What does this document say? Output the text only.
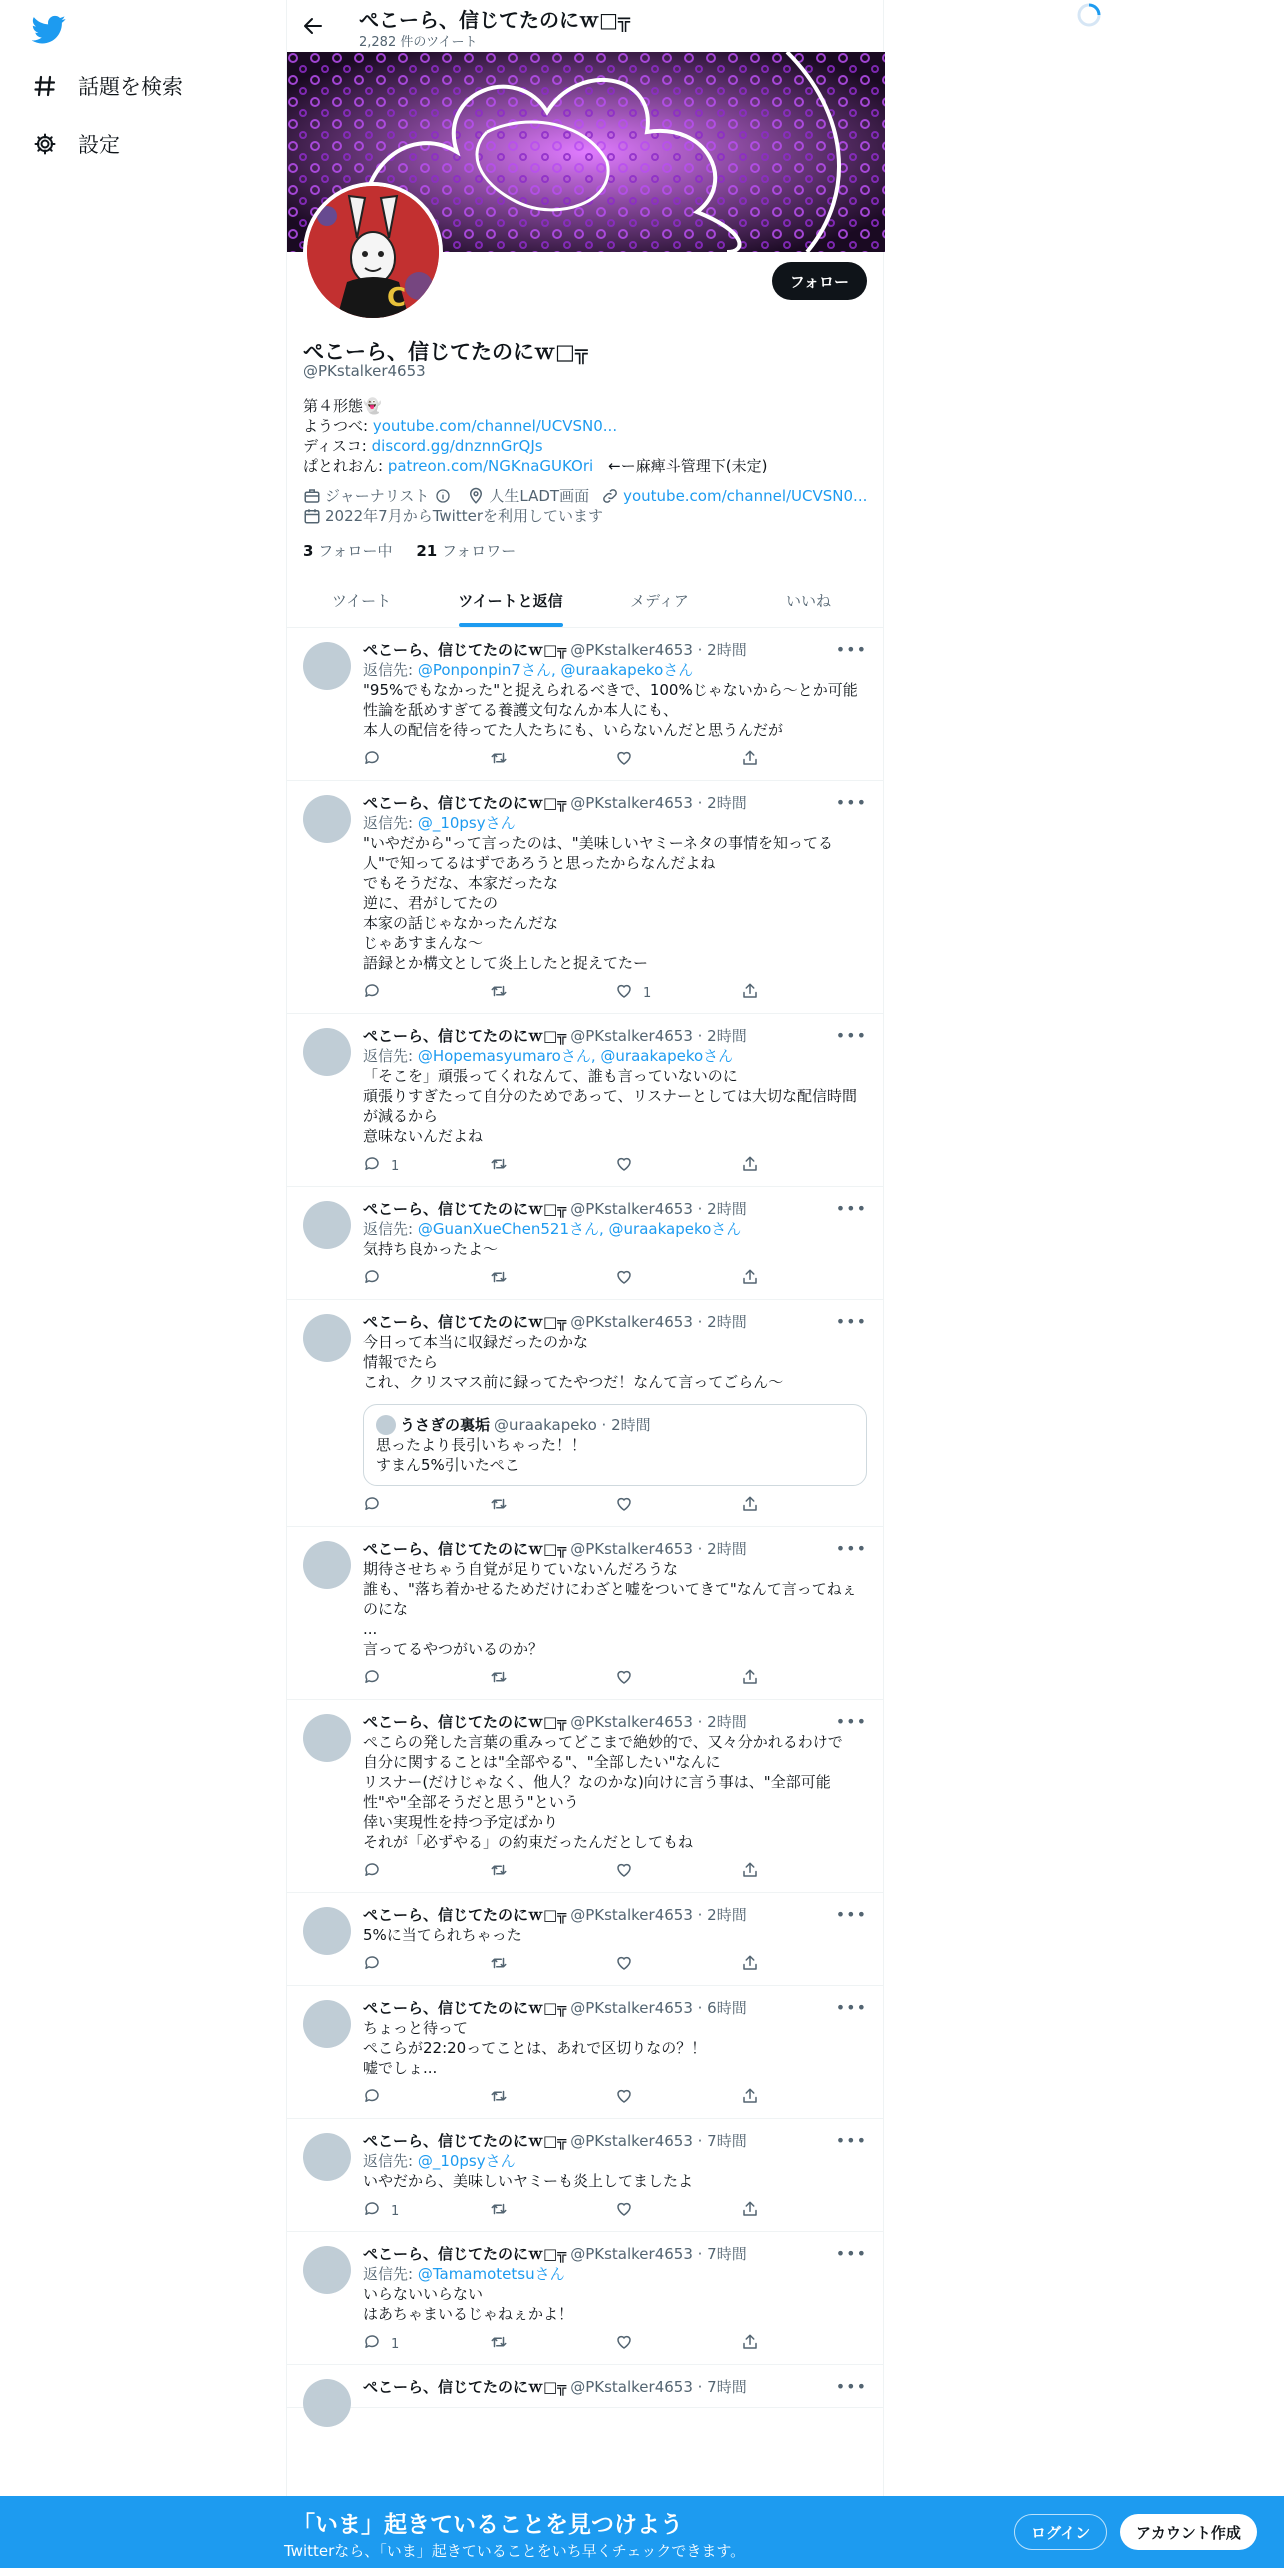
話題を検索
設定
ぺこーら、信じてたのにｗ□╦
2,282 件のツイート
C
フォロー
ぺこーら、信じてたのにｗ□╦
@PKstalker4653
第４形態👻
ようつべ: youtube.com/channel/UCVSN0...
ディスコ: discord.gg/dnznnGrQJs
ぱとれおん: patreon.com/NGKnaGUKOri　←ー麻痺斗管理下(未定)
ジャーナリスト	人生LADT画面 youtube.com/channel/UCVSN0...
2022年7月からTwitterを利用しています
3 フォロー中 21 フォロワー
ツイート	ツイートと返信	メディア	いいね
•••
ぺこーら、信じてたのにｗ□╦ @PKstalker4653 · 2時間
返信先: @Ponponpin7さん, @uraakapekoさん
"95%でもなかった"と捉えられるべきで、100%じゃないから〜とか可能性論を舐めすぎてる養護文句なんか本人にも、
本人の配信を待ってた人たちにも、いらないんだと思うんだが
•••
ぺこーら、信じてたのにｗ□╦ @PKstalker4653 · 2時間
返信先: @_10psyさん
"いやだから"って言ったのは、"美味しいヤミーネタの事情を知ってる人"で知ってるはずであろうと思ったからなんだよね
でもそうだな、本家だったな
逆に、君がしてたの
本家の話じゃなかったんだな
じゃあすまんな〜
語録とか構文として炎上したと捉えてたー
1
•••
ぺこーら、信じてたのにｗ□╦ @PKstalker4653 · 2時間
返信先: @Hopemasyumaroさん, @uraakapekoさん
「そこを」頑張ってくれなんて、誰も言っていないのに
頑張りすぎたって自分のためであって、リスナーとしては大切な配信時間が減るから
意味ないんだよね
1
•••
ぺこーら、信じてたのにｗ□╦ @PKstalker4653 · 2時間
返信先: @GuanXueChen521さん, @uraakapekoさん
気持ち良かったよ〜
•••
ぺこーら、信じてたのにｗ□╦ @PKstalker4653 · 2時間
今日って本当に収録だったのかな
情報でたら
これ、クリスマス前に録ってたやつだ！なんて言ってごらん〜
うさぎの裏垢 @uraakapeko · 2時間
思ったより長引いちゃった！！
すまん5%引いたぺこ
•••
ぺこーら、信じてたのにｗ□╦ @PKstalker4653 · 2時間
期待させちゃう自覚が足りていないんだろうな
誰も、"落ち着かせるためだけにわざと嘘をついてきて"なんて言ってねぇのにな
...
言ってるやつがいるのか？
•••
ぺこーら、信じてたのにｗ□╦ @PKstalker4653 · 2時間
ぺこらの発した言葉の重みってどこまで絶妙的で、又々分かれるわけで
自分に関することは"全部やる"、"全部したい"なんに
リスナー(だけじゃなく、他人？なのかな)向けに言う事は、"全部可能性"や"全部そうだと思う"という
倖い実現性を持つ予定ばかり
それが「必ずやる」の約束だったんだとしてもね
•••
ぺこーら、信じてたのにｗ□╦ @PKstalker4653 · 2時間
5%に当てられちゃった
•••
ぺこーら、信じてたのにｗ□╦ @PKstalker4653 · 6時間
ちょっと待って
ぺこらが22:20ってことは、あれで区切りなの？！
嘘でしょ...
•••
ぺこーら、信じてたのにｗ□╦ @PKstalker4653 · 7時間
返信先: @_10psyさん
いやだから、美味しいヤミーも炎上してましたよ
1
•••
ぺこーら、信じてたのにｗ□╦ @PKstalker4653 · 7時間
返信先: @Tamamotetsuさん
いらないいらない
はあちゃまいるじゃねぇかよ！
1
•••
ぺこーら、信じてたのにｗ□╦ @PKstalker4653 · 7時間
「いま」起きていることを見つけよう
Twitterなら、「いま」起きていることをいち早くチェックできます。
ログイン	アカウント作成
